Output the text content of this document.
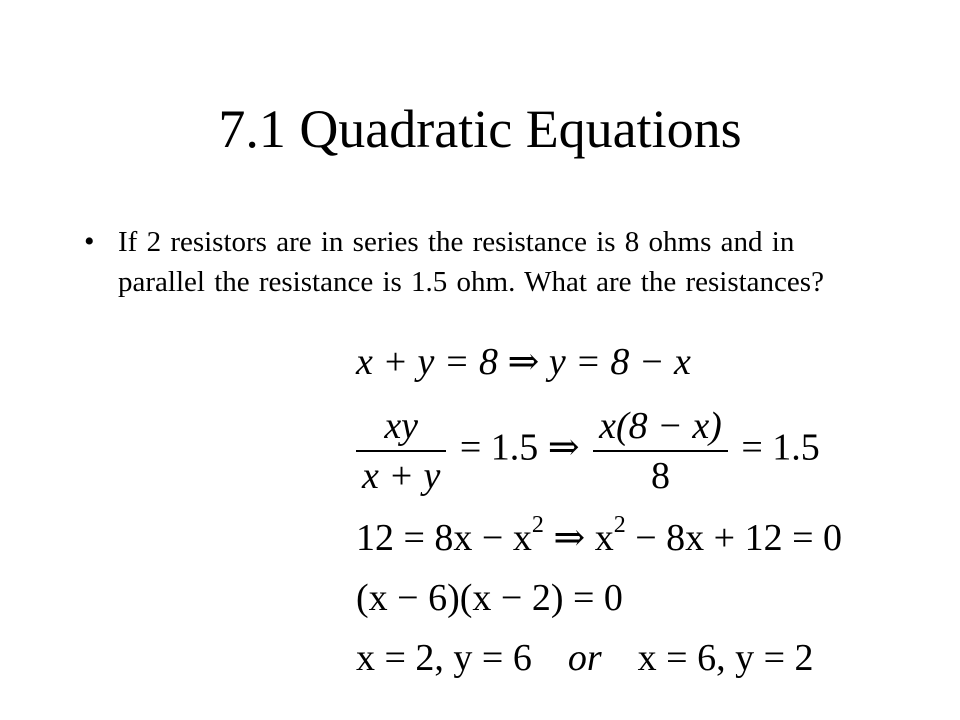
7.1 Quadratic Equations
• If 2 resistors are in series the resistance is 8 ohms and in parallel the resistance is 1.5 ohm. What are the resistances?
x + y = 8 ⇒ y = 8 − x
$\frac{xy}{x + y} = 1.5$ ⇒ $\frac{x(8 - x)}{8} = 1.5$
$12 = 8x - x^2$ ⇒ $x^2 - 8x + 12 = 0$
(x − 6)(x − 2) = 0
x = 2, y = 6 or x = 6, y = 2
